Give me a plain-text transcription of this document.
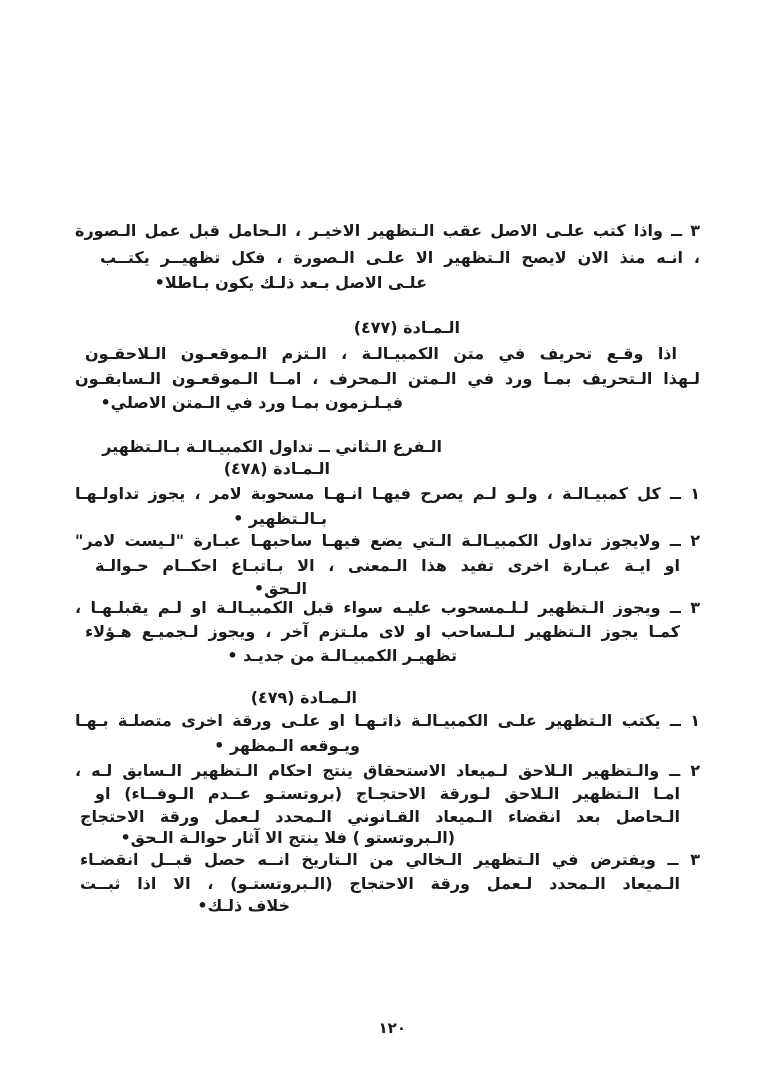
٣ ــ واذا كتب علـى الاصل عقب الـتظهير الاخيـر ، الـحامل قبل عمل الـصورة
، انـه منذ الان لايصح الـتظهير الا علـى الـصورة ، فكل تظهيــر يكتــب
علـى الاصل بـعد ذلـك يكون بـاطلا•
الـمـادة (٤٧٧)
اذا وقـع تحريف في متن الكمبيـالـة ، الـتزم الـموقعـون الـلاحقـون
لـهذا الـتحريف بمـا ورد في الـمتن الـمحرف ، امــا الـموقعـون الـسابقـون
فيـلـزمون بمـا ورد في الـمتن الاصلي•
الـفرع الـثاني ــ تداول الكمبيـالـة بـالـتظهير
الـمـادة (٤٧٨)
١ ــ كل كمبيـالـة ، ولـو لـم يصرح فيهـا انـهـا مسحوبة لامر ، يجوز تداولـهـا
بـالـتظهير •
٢ ــ ولايجوز تداول الكمبيـالـة الـتي يضع فيهـا ساحبهـا عبـارة "لـيست لامر"
او ايـة عبـارة اخرى تفيد هذا الـمعنى ، الا بـاتبـاع احكــام حـوالـة
الـحق•
٣ ــ ويجوز الـتظهير لـلـمسحوب عليـه سواء قبل الكمبيـالـة او لـم يقبلـهـا ،
كمـا يجوز الـتظهير لـلـساحب او لاى ملـتزم آخر ، ويجوز لـجميـع هـؤلاء
تظهيـر الكمبيـالـة من جديـد •
الـمـادة (٤٧٩)
١ ــ يكتب الـتظهير علـى الكمبيـالـة ذاتـهـا او علـى ورقة اخرى متصلـة بـهـا
ويـوقعه الـمظهر •
٢ ــ والـتظهير الـلاحق لـميعاد الاستحقاق ينتج احكام الـتظهير الـسابق لـه ،
امـا الـتظهير الـلاحق لـورقة الاحتجـاج (بروتستـو عــدم الـوفــاء) او
الـحاصل بعد انقضاء الـميعاد القـانوني الـمحدد لـعمل ورقة الاحتجاج
(الـبروتستو ) فلا ينتج الا آثار حوالـة الـحق•
٣ ــ ويفترض في الـتظهير الـخالي من الـتاريخ انــه حصل قبــل انقضـاء
الـميعاد الـمحدد لـعمل ورقة الاحتجاج (الـبروتستـو) ، الا اذا ثبــت
خلاف ذلـك•
١٢٠
